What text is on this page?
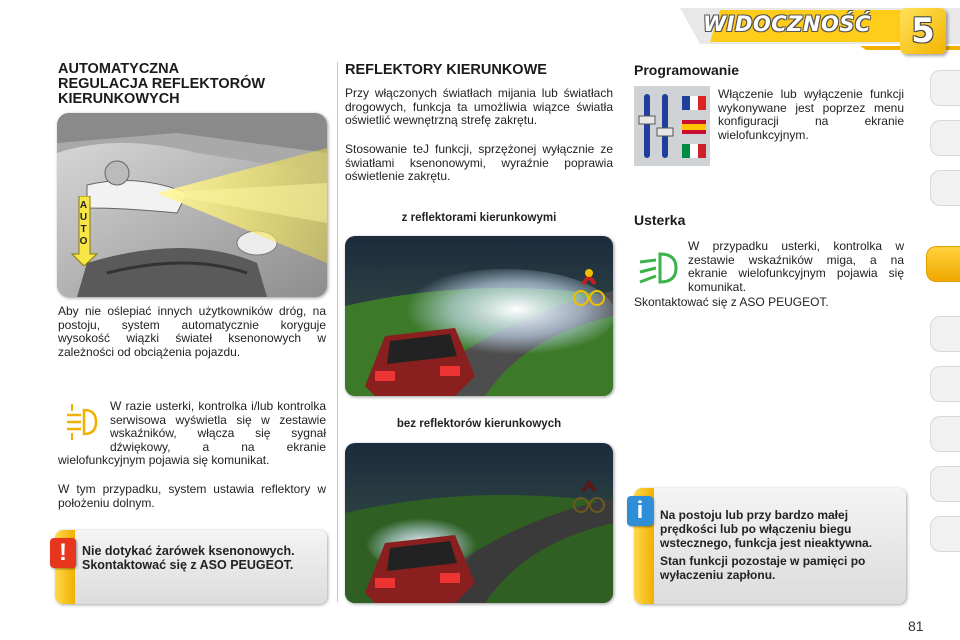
WIDOCZNOŚĆ 5
AUTOMATYCZNA
REGULACJA REFLEKTORÓW
KIERUNKOWYCH
AUTO

Aby nie oślepiać innych użytkowników dróg, na postoju, system automatycznie koryguje wysokość wiązki świateł ksenonowych w zależności od obciążenia pojazdu.

W razie usterki, kontrolka i/lub kontrolka serwisowa wyświetla się w zestawie wskaźników, włącza się sygnał dźwiękowy, a na ekranie wielofunkcyjnym pojawia się komunikat.

W tym przypadku, system ustawia reflektory w położeniu dolnym.

!	Nie dotykać żarówek ksenonowych. Skontaktować się z ASO PEUGEOT.
REFLEKTORY KIERUNKOWE

Przy włączonych światłach mijania lub światłach drogowych, funkcja ta umożliwia wiązce światła oświetlić wewnętrzną strefę zakrętu.

Stosowanie teJ funkcji, sprzężonej wyłącznie ze światłami ksenonowymi, wyraźnie poprawia oświetlenie zakrętu.

z reflektorami kierunkowymi
bez reflektorów kierunkowych
Programowanie

Włączenie lub wyłączenie funkcji wykonywane jest poprzez menu konfiguracji na ekranie wielofunkcyjnym.

Usterka

W przypadku usterki, kontrolka w zestawie wskaźników miga, a na ekranie wielofunkcyjnym pojawia się komunikat.

Skontaktować się z ASO PEUGEOT.

i	Na postoju lub przy bardzo małej prędkości lub po włączeniu biegu wstecznego, funkcja jest nieaktywna.
Stan funkcji pozostaje w pamięci po wyłaczeniu zapłonu.
81
